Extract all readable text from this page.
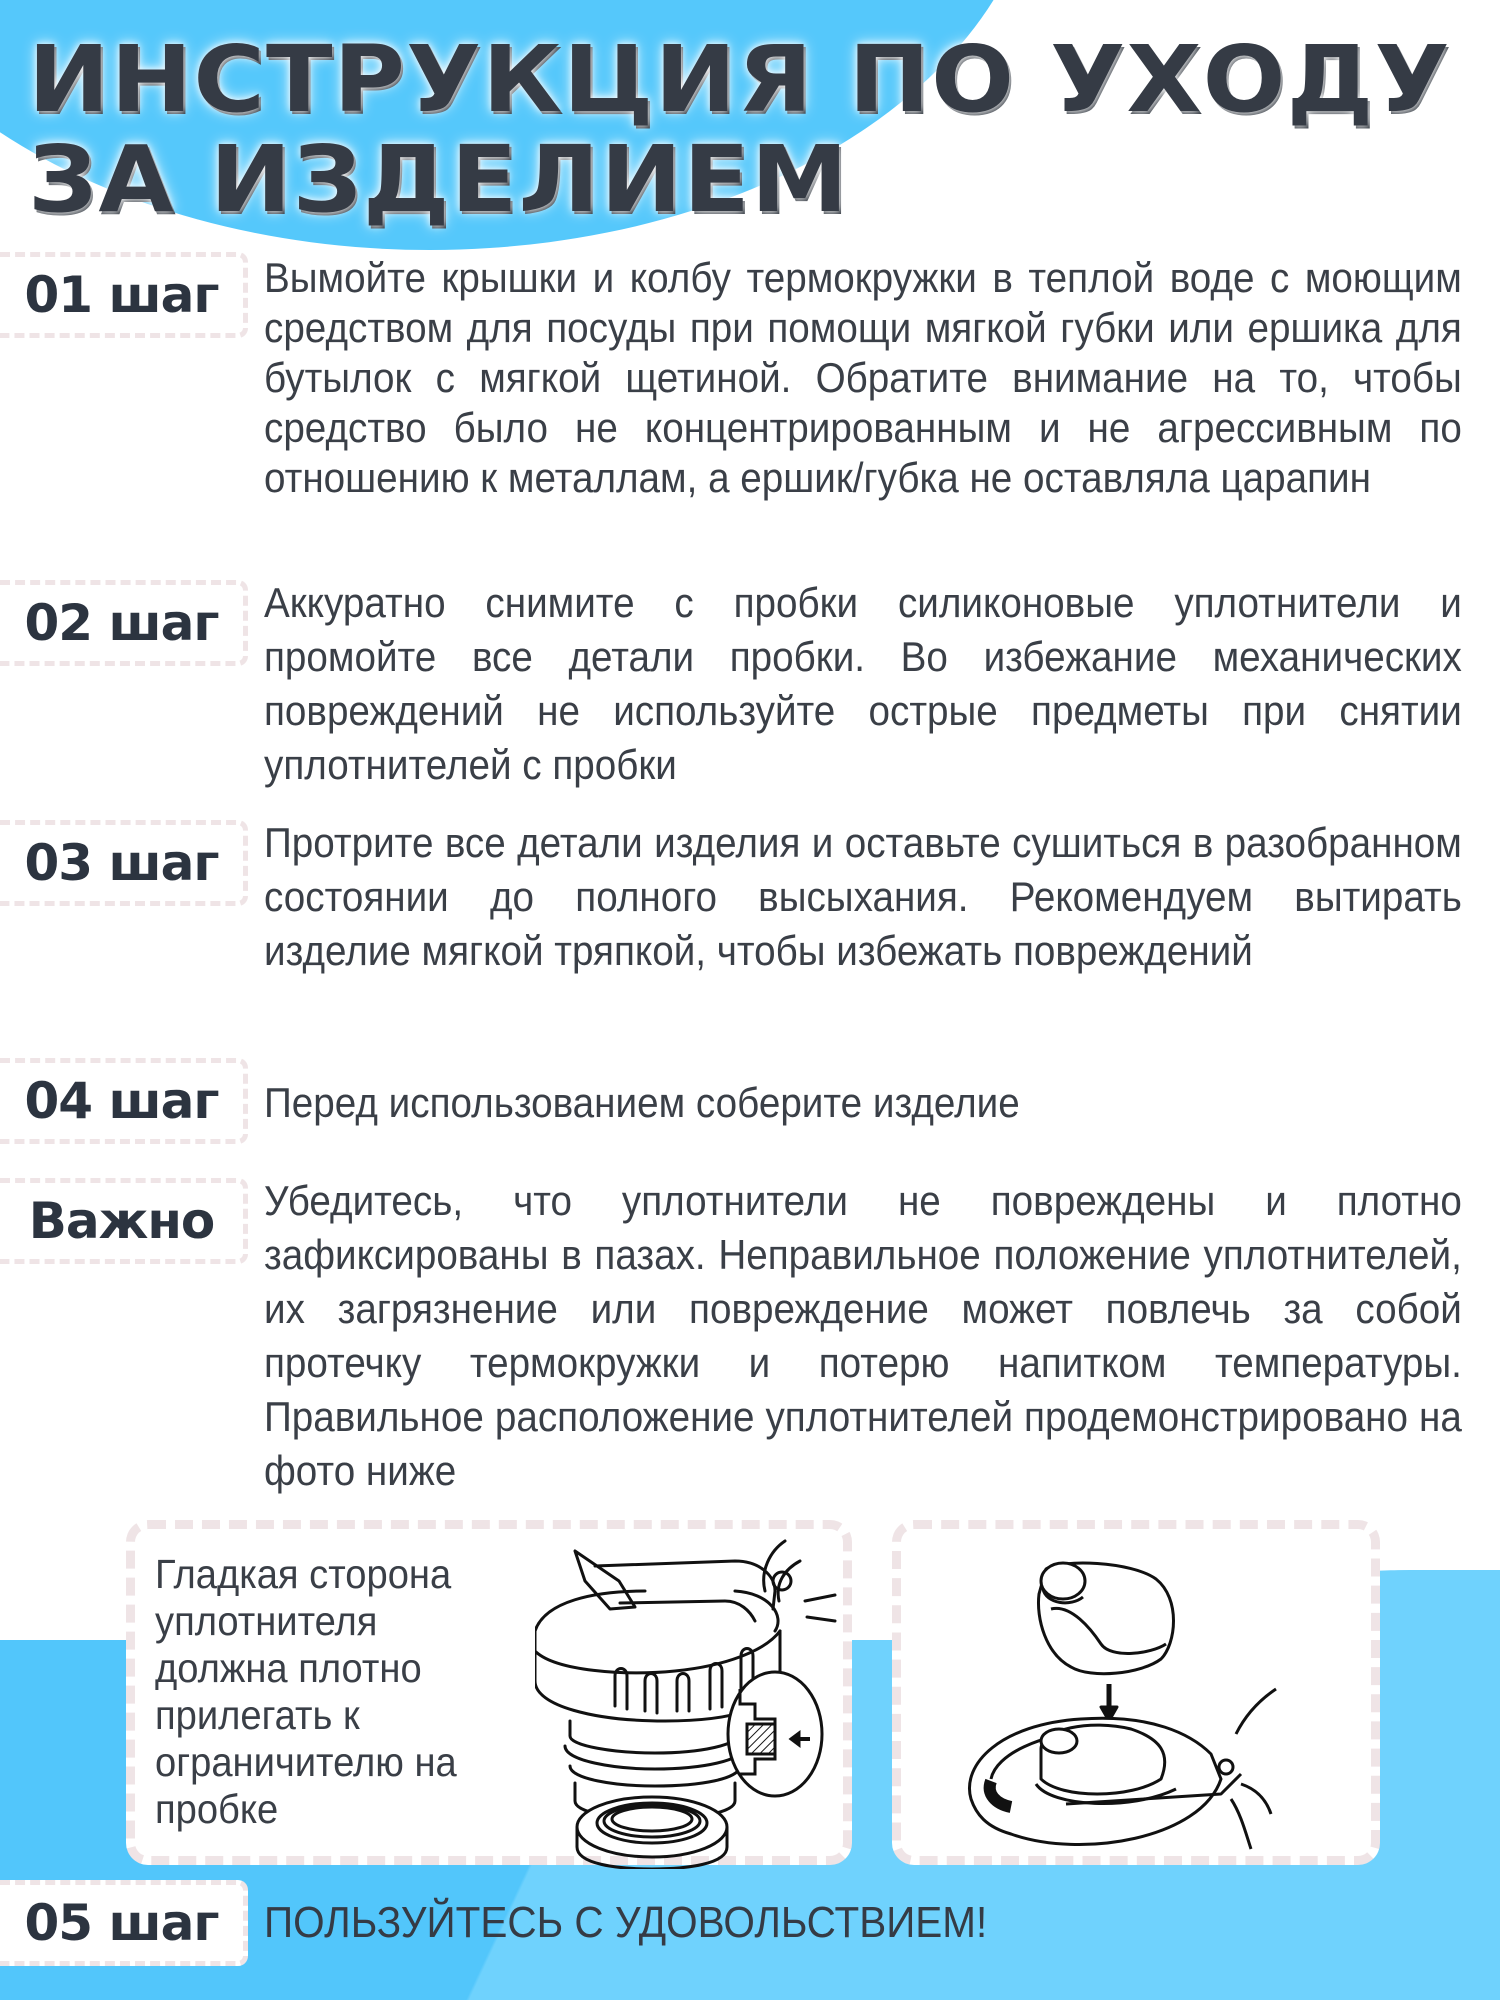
ИНСТРУКЦИЯ ПО УХОДУ
ЗА ИЗДЕЛИЕМ
01 шаг	Вымойте крышки и колбу термокружки в теплой воде с моющим средством для посуды при помощи мягкой губки или ершика для бутылок с мягкой щетиной. Обратите внимание на то, чтобы средство было не концентрированным и не агрессивным по отношению к металлам, а ершик/губка не оставляла царапин
02 шаг	Аккуратно снимите с пробки силиконовые уплотнители и промойте все детали пробки. Во избежание механических повреждений не используйте острые предметы при снятии уплотнителей с пробки
03 шаг	Протрите все детали изделия и оставьте сушиться в разобранном состоянии до полного высыхания. Рекомендуем вытирать изделие мягкой тряпкой, чтобы избежать повреждений
04 шаг	Перед использованием соберите изделие
Важно	Убедитесь, что уплотнители не повреждены и плотно зафиксированы в пазах. Неправильное положение уплотнителей, их загрязнение или повреждение может повлечь за собой протечку термокружки и потерю напитком температуры. Правильное расположение уплотнителей продемонстрировано на фото ниже
Гладкая сторона уплотнителя должна плотно прилегать к ограничителю на пробке
05 шаг	ПОЛЬЗУЙТЕСЬ С УДОВОЛЬСТВИЕМ!
